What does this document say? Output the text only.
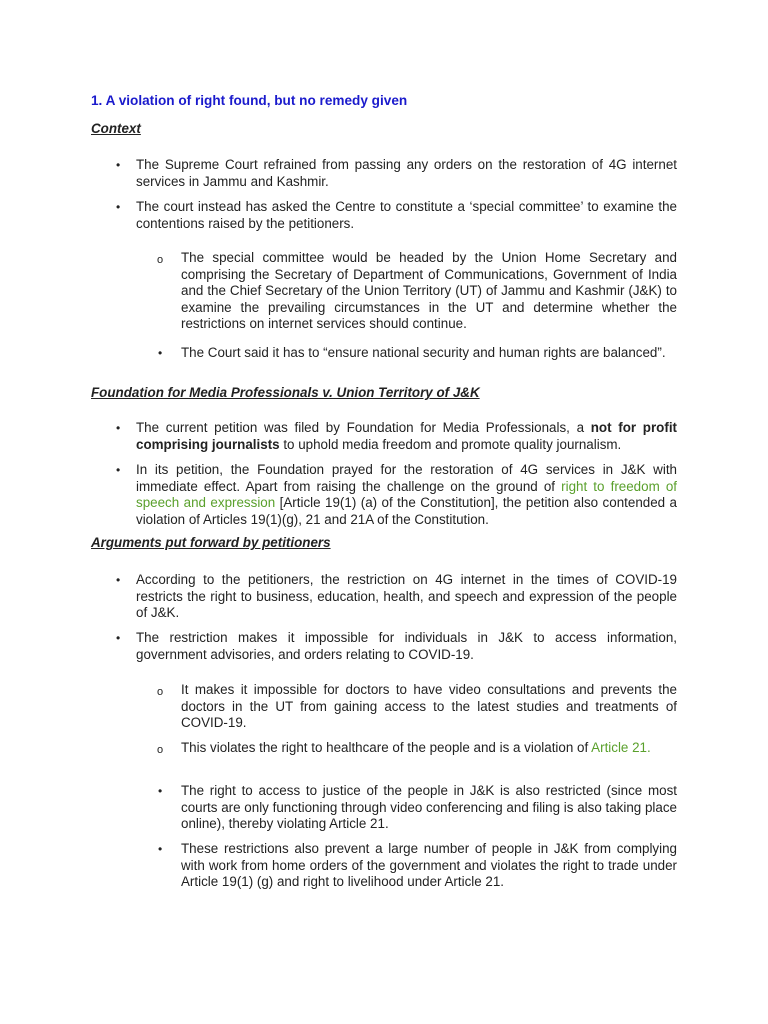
1. A violation of right found, but no remedy given
Context
• The Supreme Court refrained from passing any orders on the restoration of 4G internet services in Jammu and Kashmir.
• The court instead has asked the Centre to constitute a ‘special committee’ to examine the contentions raised by the petitioners.
o The special committee would be headed by the Union Home Secretary and comprising the Secretary of Department of Communications, Government of India and the Chief Secretary of the Union Territory (UT) of Jammu and Kashmir (J&K) to examine the prevailing circumstances in the UT and determine whether the restrictions on internet services should continue.
• The Court said it has to “ensure national security and human rights are balanced”.
Foundation for Media Professionals v. Union Territory of J&K
• The current petition was filed by Foundation for Media Professionals, a not for profit comprising journalists to uphold media freedom and promote quality journalism.
• In its petition, the Foundation prayed for the restoration of 4G services in J&K with immediate effect. Apart from raising the challenge on the ground of right to freedom of speech and expression [Article 19(1) (a) of the Constitution], the petition also contended a violation of Articles 19(1)(g), 21 and 21A of the Constitution.
Arguments put forward by petitioners
• According to the petitioners, the restriction on 4G internet in the times of COVID-19 restricts the right to business, education, health, and speech and expression of the people of J&K.
• The restriction makes it impossible for individuals in J&K to access information, government advisories, and orders relating to COVID-19.
o It makes it impossible for doctors to have video consultations and prevents the doctors in the UT from gaining access to the latest studies and treatments of COVID-19.
o This violates the right to healthcare of the people and is a violation of Article 21.
• The right to access to justice of the people in J&K is also restricted (since most courts are only functioning through video conferencing and filing is also taking place online), thereby violating Article 21.
• These restrictions also prevent a large number of people in J&K from complying with work from home orders of the government and violates the right to trade under Article 19(1) (g) and right to livelihood under Article 21.
